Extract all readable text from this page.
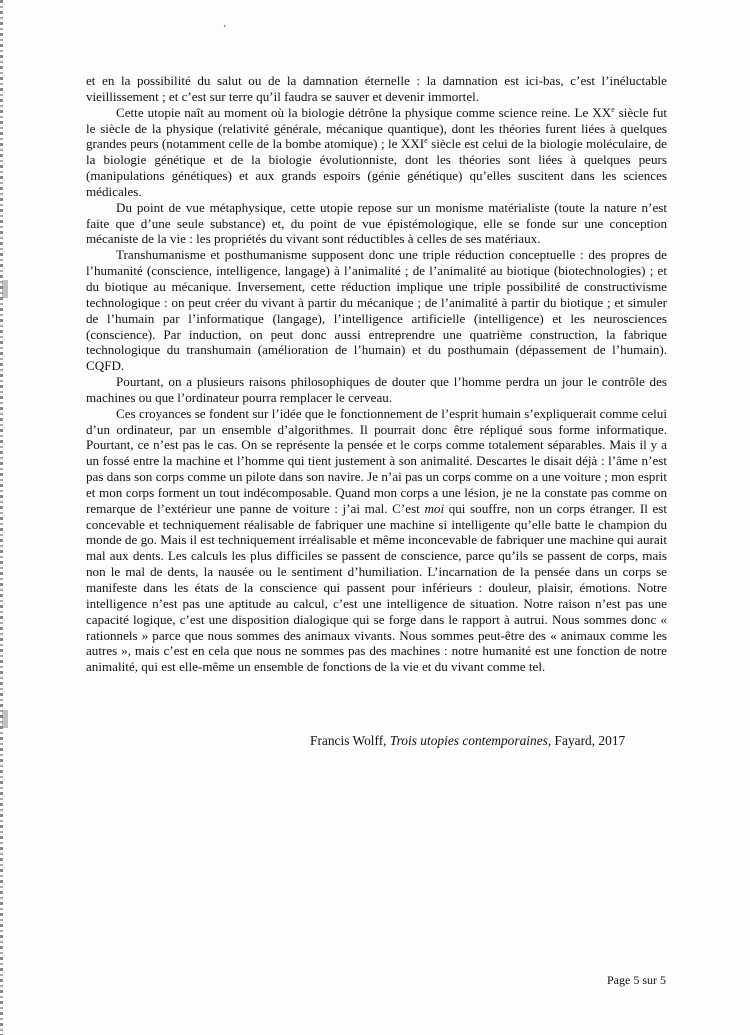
’

et en la possibilité du salut ou de la damnation éternelle : la damnation est ici-bas, c’est l’inéluctable vieillissement ; et c’est sur terre qu’il faudra se sauver et devenir immortel.

Cette utopie naît au moment où la biologie détrône la physique comme science reine. Le XXe siècle fut le siècle de la physique (relativité générale, mécanique quantique), dont les théories furent liées à quelques grandes peurs (notamment celle de la bombe atomique) ; le XXIe siècle est celui de la biologie moléculaire, de la biologie génétique et de la biologie évolutionniste, dont les théories sont liées à quelques peurs (manipulations génétiques) et aux grands espoirs (génie génétique) qu’elles suscitent dans les sciences médicales.

Du point de vue métaphysique, cette utopie repose sur un monisme matérialiste (toute la nature n’est faite que d’une seule substance) et, du point de vue épistémologique, elle se fonde sur une conception mécaniste de la vie : les propriétés du vivant sont réductibles à celles de ses matériaux.

Transhumanisme et posthumanisme supposent donc une triple réduction conceptuelle : des propres de l’humanité (conscience, intelligence, langage) à l’animalité ; de l’animalité au biotique (biotechnologies) ; et du biotique au mécanique. Inversement, cette réduction implique une triple possibilité de constructivisme technologique : on peut créer du vivant à partir du mécanique ; de l’animalité à partir du biotique ; et simuler de l’humain par l’informatique (langage), l’intelligence artificielle (intelligence) et les neurosciences (conscience). Par induction, on peut donc aussi entreprendre une quatrième construction, la fabrique technologique du transhumain (amélioration de l’humain) et du posthumain (dépassement de l’humain). CQFD.

Pourtant, on a plusieurs raisons philosophiques de douter que l’homme perdra un jour le contrôle des machines ou que l’ordinateur pourra remplacer le cerveau.

Ces croyances se fondent sur l’idée que le fonctionnement de l’esprit humain s’expliquerait comme celui d’un ordinateur, par un ensemble d’algorithmes. Il pourrait donc être répliqué sous forme informatique. Pourtant, ce n’est pas le cas. On se représente la pensée et le corps comme totalement séparables. Mais il y a un fossé entre la machine et l’homme qui tient justement à son animalité. Descartes le disait déjà : l’âme n’est pas dans son corps comme un pilote dans son navire. Je n’ai pas un corps comme on a une voiture ; mon esprit et mon corps forment un tout indécomposable. Quand mon corps a une lésion, je ne la constate pas comme on remarque de l’extérieur une panne de voiture : j’ai mal. C’est moi qui souffre, non un corps étranger. Il est concevable et techniquement réalisable de fabriquer une machine si intelligente qu’elle batte le champion du monde de go. Mais il est techniquement irréalisable et même inconcevable de fabriquer une machine qui aurait mal aux dents. Les calculs les plus difficiles se passent de conscience, parce qu’ils se passent de corps, mais non le mal de dents, la nausée ou le sentiment d’humiliation. L’incarnation de la pensée dans un corps se manifeste dans les états de la conscience qui passent pour inférieurs : douleur, plaisir, émotions. Notre intelligence n’est pas une aptitude au calcul, c’est une intelligence de situation. Notre raison n’est pas une capacité logique, c’est une disposition dialogique qui se forge dans le rapport à autrui. Nous sommes donc « rationnels » parce que nous sommes des animaux vivants. Nous sommes peut-être des « animaux comme les autres », mais c’est en cela que nous ne sommes pas des machines : notre humanité est une fonction de notre animalité, qui est elle-même un ensemble de fonctions de la vie et du vivant comme tel.

Francis Wolff, Trois utopies contemporaines, Fayard, 2017
Page 5 sur 5
